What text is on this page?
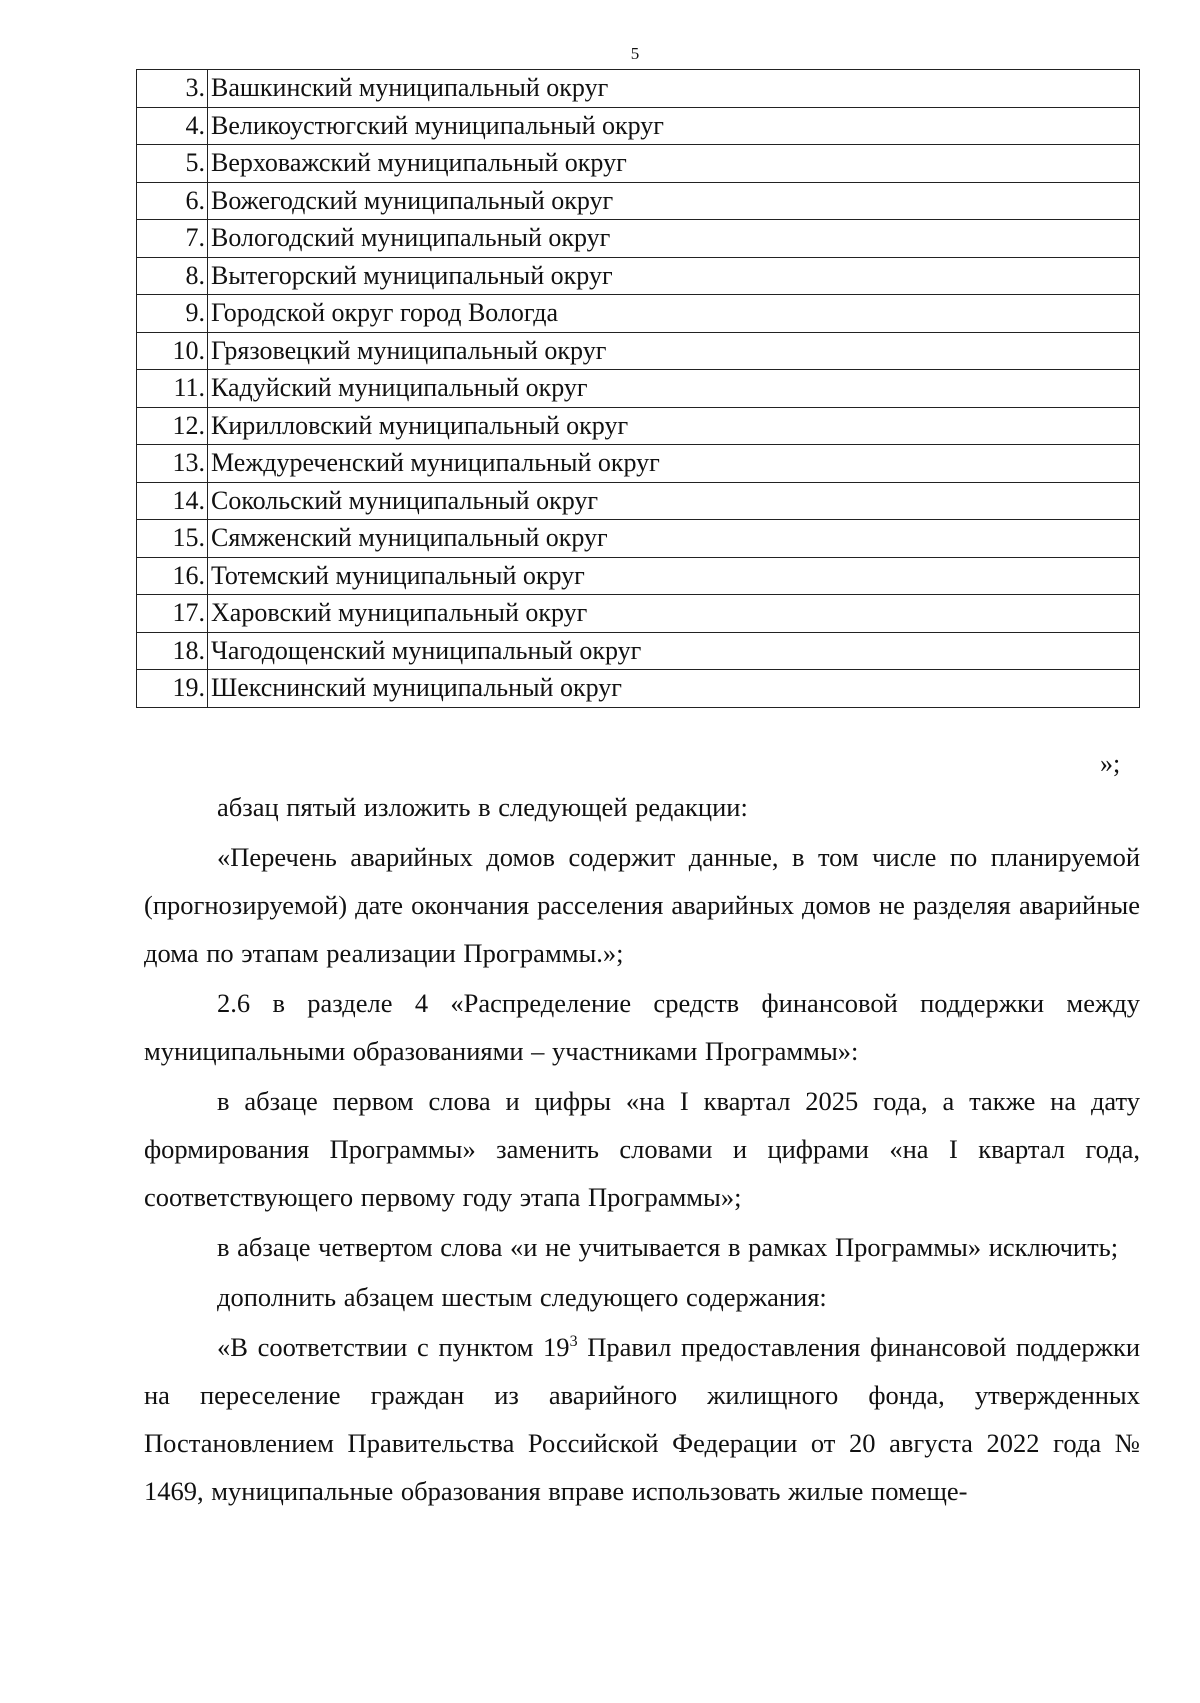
5
3.	Вашкинский муниципальный округ
4.	Великоустюгский муниципальный округ
5.	Верховажский муниципальный округ
6.	Вожегодский муниципальный округ
7.	Вологодский муниципальный округ
8.	Вытегорский муниципальный округ
9.	Городской округ город Вологда
10.	Грязовецкий муниципальный округ
11.	Кадуйский муниципальный округ
12.	Кирилловский муниципальный округ
13.	Междуреченский муниципальный округ
14.	Сокольский муниципальный округ
15.	Сямженский муниципальный округ
16.	Тотемский муниципальный округ
17.	Харовский муниципальный округ
18.	Чагодощенский муниципальный округ
19.	Шекснинский муниципальный округ
»;

абзац пятый изложить в следующей редакции:

«Перечень аварийных домов содержит данные, в том числе по планируемой (прогнозируемой) дате окончания расселения аварийных домов не разделяя аварийные дома по этапам реализации Программы.»;

2.6 в разделе 4 «Распределение средств финансовой поддержки между муниципальными образованиями – участниками Программы»:

в абзаце первом слова и цифры «на I квартал 2025 года, а также на дату формирования Программы» заменить словами и цифрами «на I квартал года, соответствующего первому году этапа Программы»;

в абзаце четвертом слова «и не учитывается в рамках Программы» исключить;

дополнить абзацем шестым следующего содержания:

«В соответствии с пунктом $19^3$ Правил предоставления финансовой поддержки на переселение граждан из аварийного жилищного фонда, утвержденных Постановлением Правительства Российской Федерации от 20 августа 2022 года № 1469, муниципальные образования вправе использовать жилые помеще-
